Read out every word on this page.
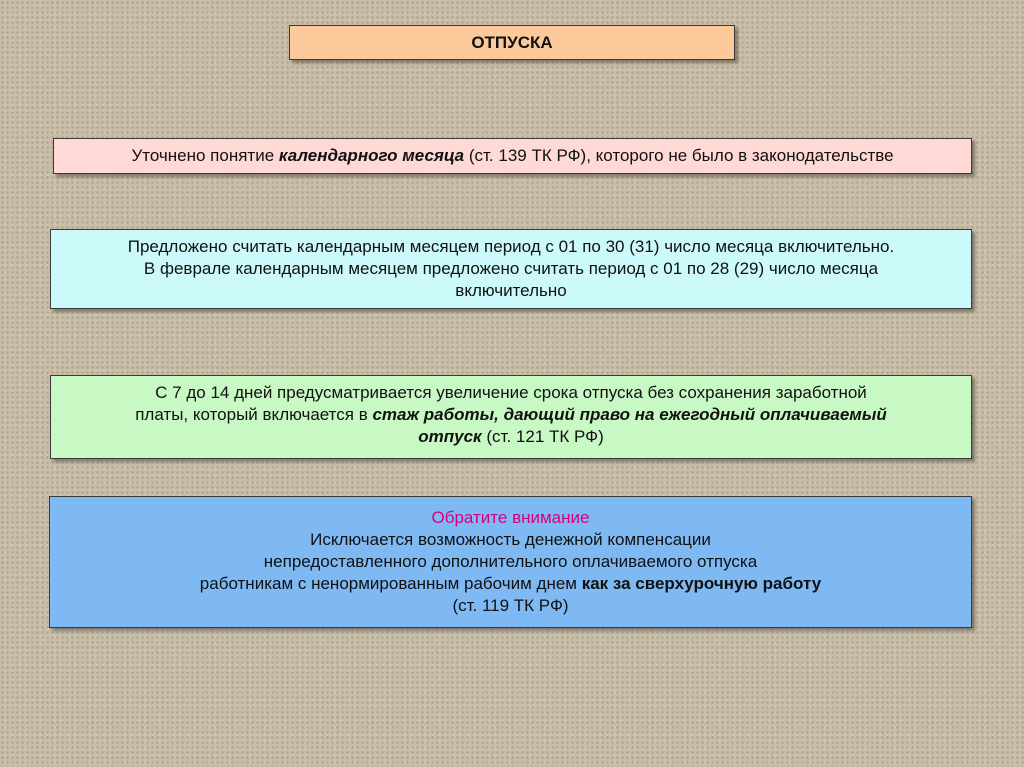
ОТПУСКА
Уточнено понятие календарного месяца (ст. 139 ТК РФ), которого не было в законодательстве
Предложено считать календарным месяцем период с 01 по 30 (31) число месяца включительно.
В феврале календарным месяцем предложено считать период с 01 по 28 (29) число месяца
включительно
С 7 до 14 дней предусматривается увеличение срока отпуска без сохранения заработной
платы, который включается в стаж работы, дающий право на ежегодный оплачиваемый
отпуск (ст. 121 ТК РФ)
Обратите внимание
Исключается возможность денежной компенсации
непредоставленного дополнительного оплачиваемого отпуска
работникам с ненормированным рабочим днем как за сверхурочную работу
(ст. 119 ТК РФ)
